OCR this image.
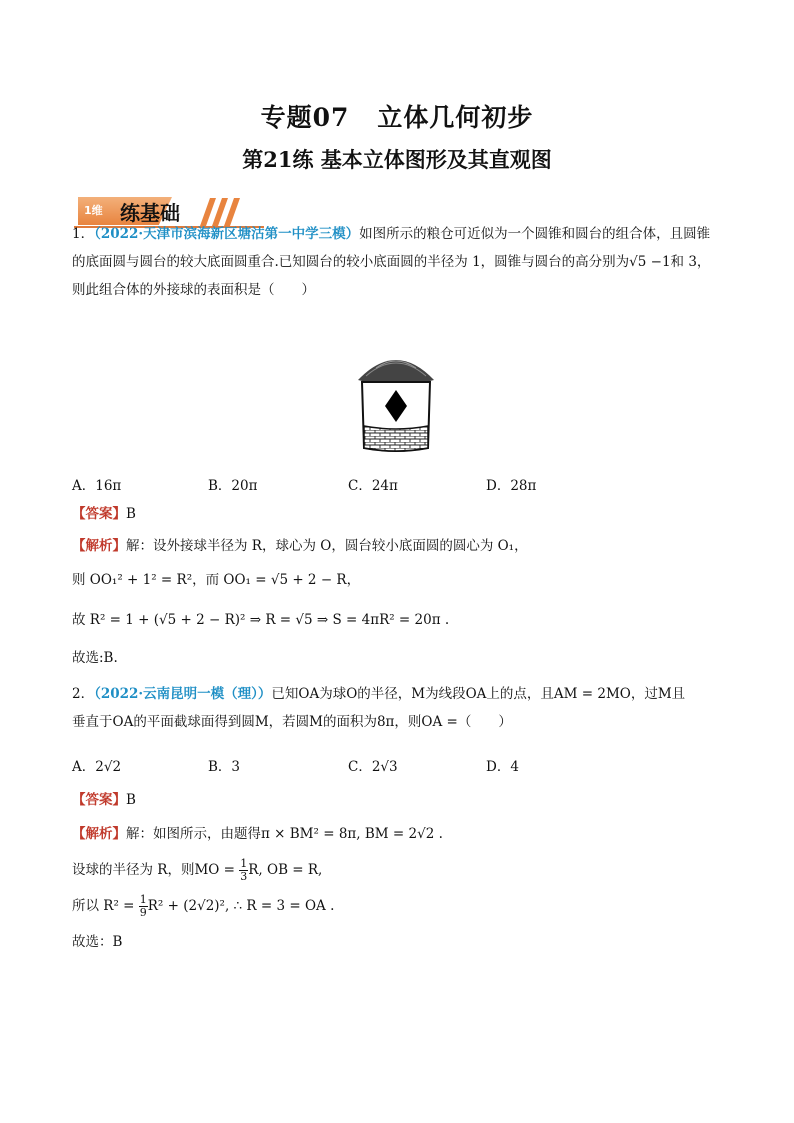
专题07 立体几何初步
第21练 基本立体图形及其直观图
1维 练基础
1．（2022·天津市滨海新区塘沽第一中学三模）如图所示的粮仓可近似为一个圆锥和圆台的组合体，且圆锥
的底面圆与圆台的较大底面圆重合.已知圆台的较小底面圆的半径为 1，圆锥与圆台的高分别为√5 −1和 3，
则此组合体的外接球的表面积是（　　）
A．16π	B．20π	C．24π	D．28π
【答案】B
【解析】解：设外接球半径为 R，球心为 O，圆台较小底面圆的圆心为 O₁，
则 OO₁² + 1² = R²，而 OO₁ = √5 + 2 − R，
故 R² = 1 + (√5 + 2 − R)² ⇒ R = √5 ⇒ S = 4πR² = 20π .
故选:B.
2．（2022·云南昆明一模（理））已知OA为球O的半径，M为线段OA上的点，且AM = 2MO，过M且
垂直于OA的平面截球面得到圆M，若圆M的面积为8π，则OA =（　　）
A．2√2	B．3	C．2√3	D．4
【答案】B
【解析】解：如图所示，由题得π × BM² = 8π, BM = 2√2 .
设球的半径为 R，则MO = $\frac{1}{3} R$, OB = R,
所以 $R^2 = \frac{1}{9} R^2 + (2√2)^2$, ∴ R = 3 = OA .
故选：B
